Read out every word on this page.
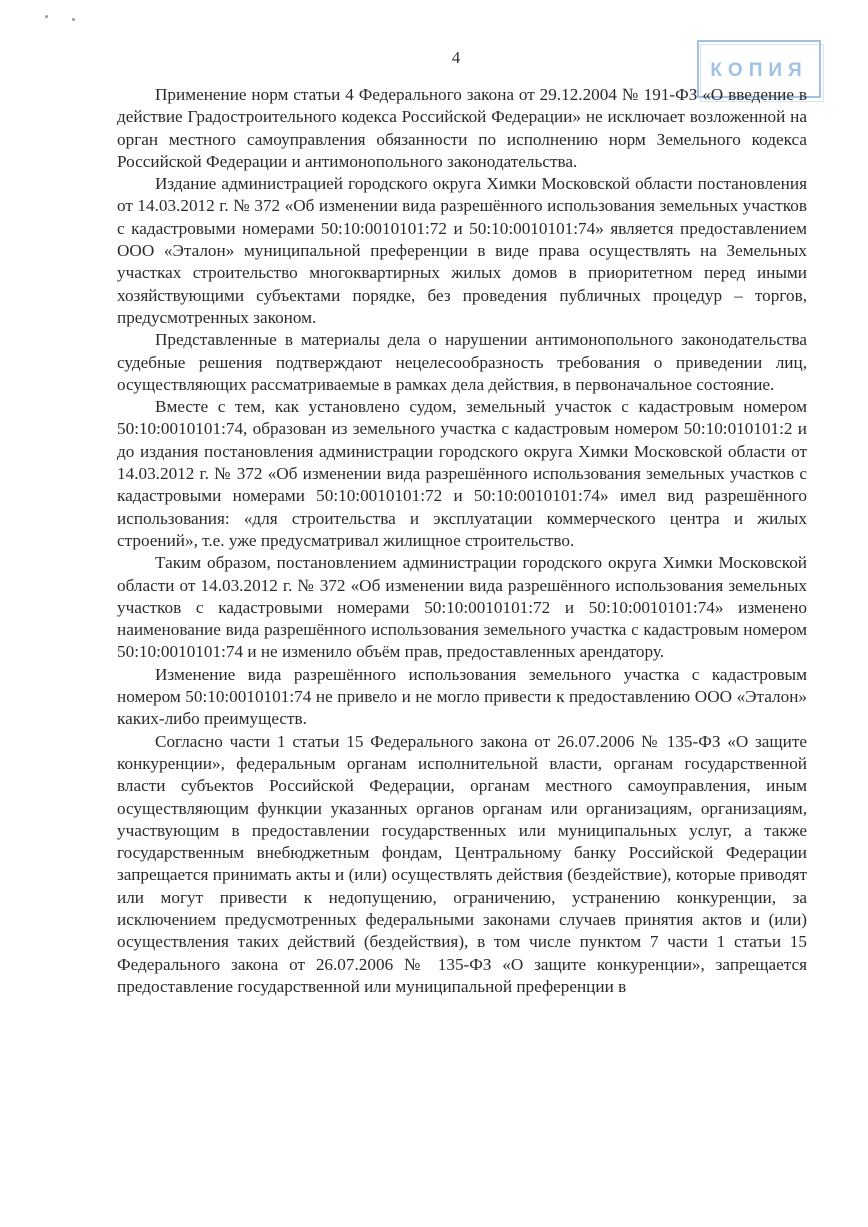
4
КОПИЯ

Применение норм статьи 4 Федерального закона от 29.12.2004 № 191-ФЗ «О введение в действие Градостроительного кодекса Российской Федерации» не исключает возложенной на орган местного самоуправления обязанности по исполнению норм Земельного кодекса Российской Федерации и антимонопольного законодательства.

Издание администрацией городского округа Химки Московской области постановления от 14.03.2012 г. № 372 «Об изменении вида разрешённого использования земельных участков с кадастровыми номерами 50:10:0010101:72 и 50:10:0010101:74» является предоставлением ООО «Эталон» муниципальной преференции в виде права осуществлять на Земельных участках строительство многоквартирных жилых домов в приоритетном перед иными хозяйствующими субъектами порядке, без проведения публичных процедур – торгов, предусмотренных законом.

Представленные в материалы дела о нарушении антимонопольного законодательства судебные решения подтверждают нецелесообразность требования о приведении лиц, осуществляющих рассматриваемые в рамках дела действия, в первоначальное состояние.

Вместе с тем, как установлено судом, земельный участок с кадастровым номером 50:10:0010101:74, образован из земельного участка с кадастровым номером 50:10:010101:2 и до издания постановления администрации городского округа Химки Московской области от 14.03.2012 г. № 372 «Об изменении вида разрешённого использования земельных участков с кадастровыми номерами 50:10:0010101:72 и 50:10:0010101:74» имел вид разрешённого использования: «для строительства и эксплуатации коммерческого центра и жилых строений», т.е. уже предусматривал жилищное строительство.

Таким образом, постановлением администрации городского округа Химки Московской области от 14.03.2012 г. № 372 «Об изменении вида разрешённого использования земельных участков с кадастровыми номерами 50:10:0010101:72 и 50:10:0010101:74» изменено наименование вида разрешённого использования земельного участка с кадастровым номером 50:10:0010101:74 и не изменило объём прав, предоставленных арендатору.

Изменение вида разрешённого использования земельного участка с кадастровым номером 50:10:0010101:74 не привело и не могло привести к предоставлению ООО «Эталон» каких-либо преимуществ.

Согласно части 1 статьи 15 Федерального закона от 26.07.2006 № 135-ФЗ «О защите конкуренции», федеральным органам исполнительной власти, органам государственной власти субъектов Российской Федерации, органам местного самоуправления, иным осуществляющим функции указанных органов органам или организациям, организациям, участвующим в предоставлении государственных или муниципальных услуг, а также государственным внебюджетным фондам, Центральному банку Российской Федерации запрещается принимать акты и (или) осуществлять действия (бездействие), которые приводят или могут привести к недопущению, ограничению, устранению конкуренции, за исключением предусмотренных федеральными законами случаев принятия актов и (или) осуществления таких действий (бездействия), в том числе пунктом 7 части 1 статьи 15 Федерального закона от 26.07.2006 № 135-ФЗ «О защите конкуренции», запрещается предоставление государственной или муниципальной преференции в
